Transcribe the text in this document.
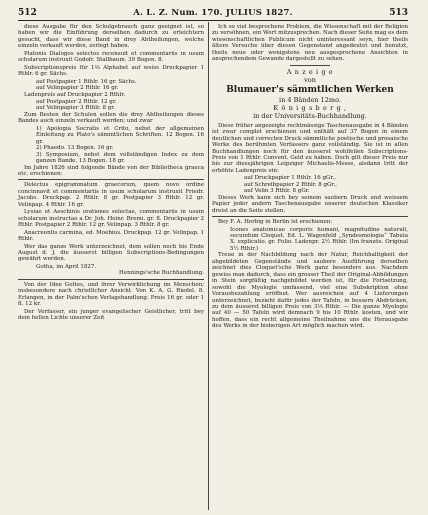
512	A. L. Z. Num. 170. JULIUS 1827.	513
diese Ausgabe für den Schulgebrauch ganz geeignet ist, so haben wir die Einführung derselben dadurch zu erleichtern gesucht, dass wir diese Band in drey Abtheilungen, welche einzeln verkauft werden, zerlegt haben.
Platonis Dialogos selectos recensuit et commentariis in usum scholarum instruxit Godofr. Stallbaum. 39 Bogen. 8.
Subscriptionspreis für 1⅔ Alphabet auf weiss Druckpapier 1 Rthlr. 6 gr. Sächs.
auf Postpapier 1 Rthlr. 16 gr. Sächs.
auf Velinpapier 2 Rthlr. 16 gr.
Ladenpreis auf Druckpapier 2 Rthlr.
auf Postpapier 2 Rthlr. 12 gr.
auf Velinpapier 3 Rthlr. 8 gr.
Zum Besten der Schulen sollen die drey Abtheilungen dieses Bandes auch einzeln verkauft werden; und zwar
1) Apologia Socratis et Crito, nebst der allgemeinen Einleitung zu Plato's sämmtlichen Schriften. 12 Bogen. 16 gr.
2) Phaedo. 13 Bogen. 16 gr.
3) Symposium, nebst dem vollständigen Index zu dem ganzen Bande. 13 Bogen. 18 gr.
Im Jahre 1826 sind folgende Bände von der Bibliotheca graeca etc. erschienen:
Delectus epigrammatum graecorum, quem novo ordine concinnavit et commentariis in usum scholarum instruxit Friedr. Jacobs. Druckpap. 2 Rthlr. 8 gr. Postpapier 3 Rthlr. 12 gr. Velinpap. 4 Rthlr. 16 gr.
Lysiae et Aeschinis orationes selectae, commentariis in usum scholarum instructae a Dr. Joh. Heinr. Bremi. gr. 8. Druckpapier 2 Rthlr. Postpapier 2 Rthlr. 12 gr. Velinpap. 3 Rthlr. 8 gr.
Anacreontis carmina, ed. Moebius. Druckpap. 12 gr. Velinpap. 1 Rthlr.
Wer das ganze Werk unterzeichnet, dem sollen noch bis Ende August d. J. die äusserst billigen Subscriptions-Bedingungen gewährt werden.
Gotha, im April 1827.
Hennings'sche Buchhandlung.
Von der Idee Gottes, und ihrer Verwirklichung im Menschen; insbesondere nach christlicher Ansicht. Von K. A. G. Riedel. 8. Erlangen, in der Palm'schen Verlagshandlung. Preis 16 gr. oder 1 fl. 12 kr.
Der Verfasser, ein junger evangelischer Geistlicher, tritt bey dem hellen Lichte unserer Zeit
Ich so viel besprochene Problem, die Wissenschaft mit der Religion zu versöhnen, ein Wort mitzusprechen. Nach dieser Seite mag es dem wissenschaftlichen Publicum nicht uninteressant seyn, hier theils ältere Versuche über diesen Gegenstand angedeutet und benutzt, theils neue oder wenigstens neu ausgesprochene Ansichten in ansprechendem Gewande dargestellt zu sehen.
A n z e i g e
von
Blumauer's sämmtlichen Werken
in 4 Bänden 12mo.
K ö n i g s b e r g ,
in der Universitäts-Buchhandlung.
Diese früher angezeigte rechtmässige Taschenausgabe in 4 Bänden ist zwar complet erschienen und enthält auf 37 Bogen in einem deutlichen und correcten Druck sämmtliche poetische und prosaische Werke des berühmten Verfassers ganz vollständig. Sie ist in allen Buchhandlungen noch für den äusserst wohlfeilen Subscriptions-Preis von 1 Rthlr. Convent. Geld zu haben. Doch gilt dieser Preis nur bis zur diessjährigen Leipziger Michaelis-Messe, alsdann tritt der erhöhte Ladenpreis ein:
auf Druckpapier 1 Rthlr. 16 gGr.,
auf Schreibpapier 2 Rthlr. 8 gGr.,
auf Velin 3 Rthlr. 8 gGr.
Dieses Werk kann sich bey seinem saubern Druck und weissem Papier jeder andern Taschenausgabe unserer deutschen Klassiker dreist an die Seite stellen.
Bey F. A. Herbig in Berlin ist erschienen:
Icones anatomicae corporis humani, magnitudine naturali, secundum Cloquet. Ed. L. Wagenfeld „Syndesmologia“ Tabula X. explicatio. gr. Folio. Ladenpr. 2½ Rthlr. (Im französ. Original 5½ Rthlr.)
Treue in der Nachbildung nach der Natur, Reichhaltigkeit der abgebildeten Gegenstände und saubere Ausführung derselben zeichnet dies Cloquet'sche Werk ganz besonders aus. Nachdem gewiss man dadurch, dass ein grosser Theil der Original-Abbildungen in Stein sorgfältig nachgebildet werden ist, für die Fortsetzung, sowohl die Myologie umfassend, viel eine Subskription ohne Vorausbezahlung eröffnet. Wer ausreichen auf 4 Lieferungen unterzeichnet, bezieht dafür jedes der Tafeln, in bessern Abdrücken, zu dem äusserst billigen Preis von 3⅓ Rthlr. — Die ganze Myologie auf 40 — 50 Tafeln wird demnach 9 bis 10 Rthlr. kosten, und wir hoffen, dass ein recht allgemeine Theilnahme uns die Herausgabe des Werks in der bisherigen Art möglich machen wird.
